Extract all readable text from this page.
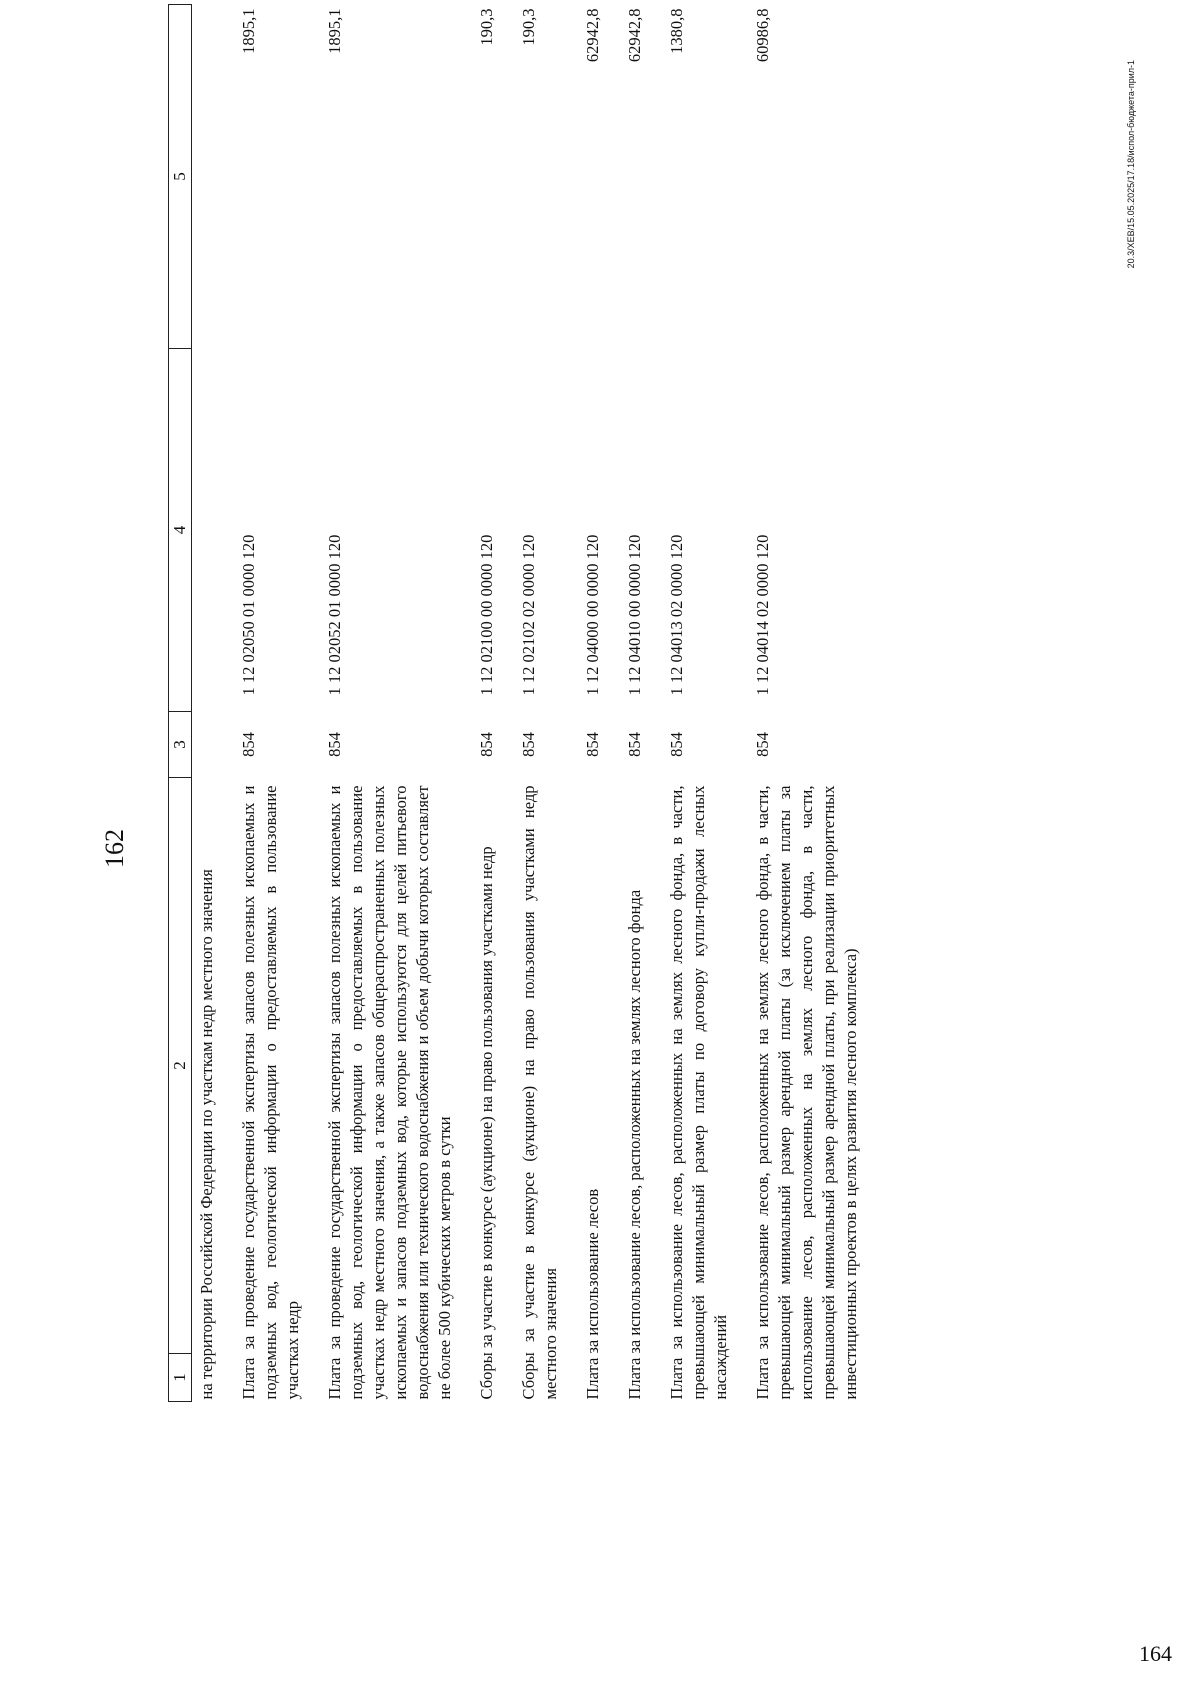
162
1	2	3	4	5
на территории Российской Федерации по участкам недр местного значения				
Плата за проведение государственной экспертизы запасов полезных ископаемых и подземных вод, геологической информации о предоставляемых в пользование участках недр		854	1 12 02050 01 0000 120	1895,1
Плата за проведение государственной экспертизы запасов полезных ископаемых и подземных вод, геологической информации о предоставляемых в пользование участках недр местного значения, а также запасов общераспространенных полезных ископаемых и запасов подземных вод, которые используются для целей питьевого водоснабжения или технического водоснабжения и объем добычи которых составляет не более 500 кубических метров в сутки		854	1 12 02052 01 0000 120	1895,1
Сборы за участие в конкурсе (аукционе) на право пользования участками недр		854	1 12 02100 00 0000 120	190,3
Сборы за участие в конкурсе (аукционе) на право пользования участками недр местного значения		854	1 12 02102 02 0000 120	190,3
Плата за использование лесов		854	1 12 04000 00 0000 120	62942,8
Плата за использование лесов, расположенных на землях лесного фонда		854	1 12 04010 00 0000 120	62942,8
Плата за использование лесов, расположенных на землях лесного фонда, в части, превышающей минимальный размер платы по договору купли-продажи лесных насаждений		854	1 12 04013 02 0000 120	1380,8
Плата за использование лесов, расположенных на землях лесного фонда, в части, превышающей минимальный размер арендной платы (за исключением платы за использование лесов, расположенных на землях лесного фонда, в части, превышающей минимальный размер арендной платы, при реализации приоритетных инвестиционных проектов в целях развития лесного комплекса)		854	1 12 04014 02 0000 120	60986,8
20.3/XEB/15.05.2025/17.18/испол-бюджета-прил-1
164
